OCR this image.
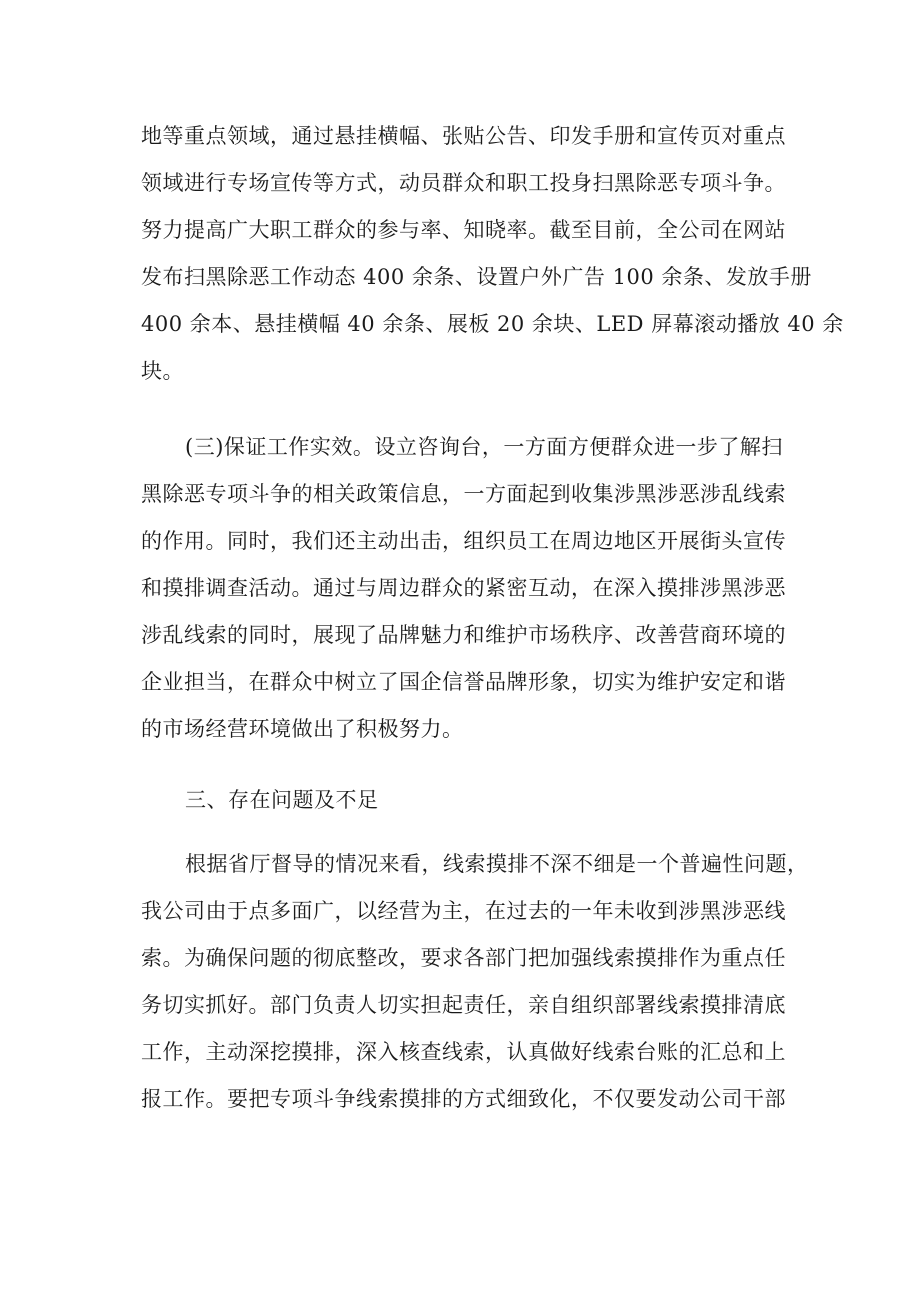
地等重点领域，通过悬挂横幅、张贴公告、印发手册和宣传页对重点
领域进行专场宣传等方式，动员群众和职工投身扫黑除恶专项斗争。
努力提高广大职工群众的参与率、知晓率。截至目前，全公司在网站
发布扫黑除恶工作动态 400 余条、设置户外广告 100 余条、发放手册
400 余本、悬挂横幅 40 余条、展板 20 余块、LED 屏幕滚动播放 40 余
块。
(三)保证工作实效。设立咨询台，一方面方便群众进一步了解扫
黑除恶专项斗争的相关政策信息，一方面起到收集涉黑涉恶涉乱线索
的作用。同时，我们还主动出击，组织员工在周边地区开展街头宣传
和摸排调查活动。通过与周边群众的紧密互动，在深入摸排涉黑涉恶
涉乱线索的同时，展现了品牌魅力和维护市场秩序、改善营商环境的
企业担当，在群众中树立了国企信誉品牌形象，切实为维护安定和谐
的市场经营环境做出了积极努力。
三、存在问题及不足
根据省厅督导的情况来看，线索摸排不深不细是一个普遍性问题，
我公司由于点多面广，以经营为主，在过去的一年未收到涉黑涉恶线
索。为确保问题的彻底整改，要求各部门把加强线索摸排作为重点任
务切实抓好。部门负责人切实担起责任，亲自组织部署线索摸排清底
工作，主动深挖摸排，深入核查线索，认真做好线索台账的汇总和上
报工作。要把专项斗争线索摸排的方式细致化，不仅要发动公司干部
